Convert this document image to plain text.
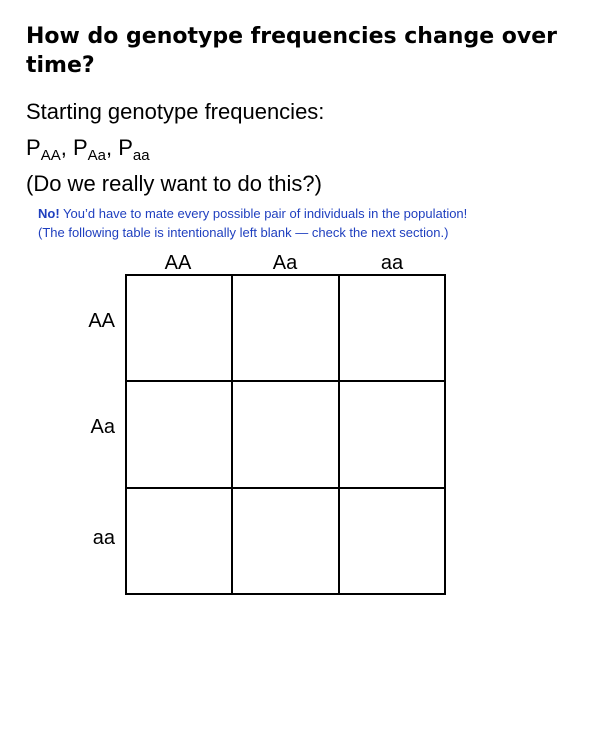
How do genotype frequencies change over time?
Starting genotype frequencies:
$P_{AA}$, $P_{Aa}$, $P_{aa}$
(Do we really want to do this?)
No! You’d have to mate every possible pair of individuals in the population!
(The following table is intentionally left blank — check the next section.)
AA	Aa	aa
AA
Aa
aa
